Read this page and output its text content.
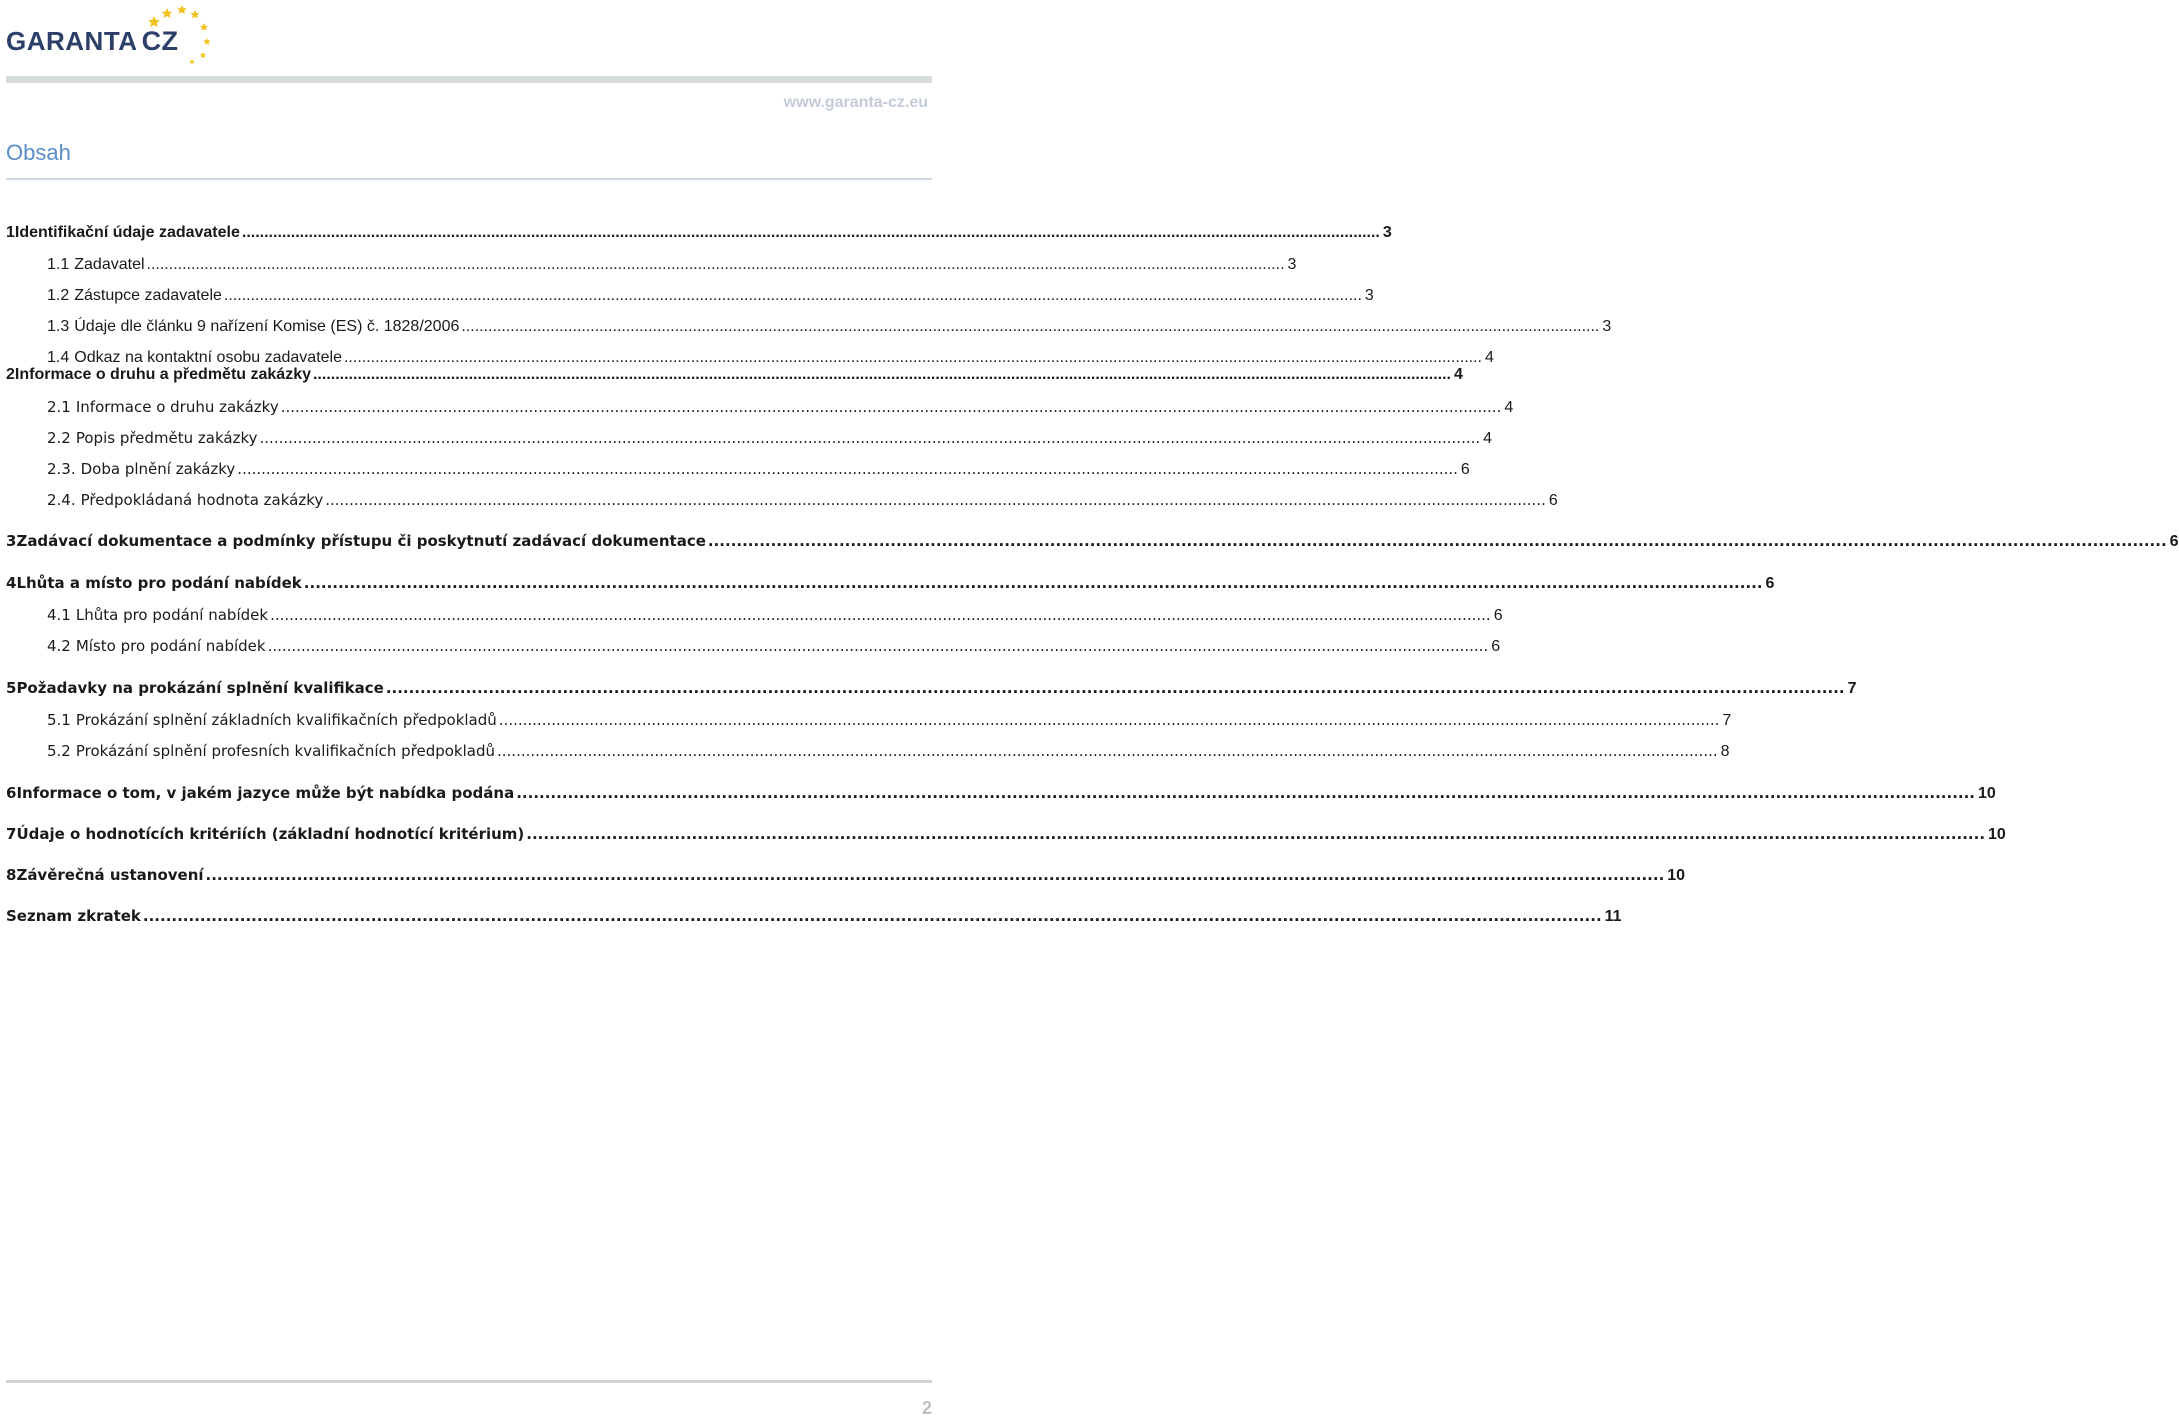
GARANTA CZ
www.garanta-cz.eu
Obsah
1 Identifikační údaje zadavatele .....	3
1.1 Zadavatel .....	3
1.2 Zástupce zadavatele .....	3
1.3 Údaje dle článku 9 nařízení Komise (ES) č. 1828/2006 .....	3
1.4 Odkaz na kontaktní osobu zadavatele .....	4
2 Informace o druhu a předmětu zakázky .....	4
2.1 Informace o druhu zakázky .....	4
2.2 Popis předmětu zakázky .....	4
2.3. Doba plnění zakázky .....	6
2.4. Předpokládaná hodnota zakázky .....	6
3 Zadávací dokumentace a podmínky přístupu či poskytnutí zadávací dokumentace .....	6
4 Lhůta a místo pro podání nabídek .....	6
4.1 Lhůta pro podání nabídek .....	6
4.2 Místo pro podání nabídek .....	6
5 Požadavky na prokázání splnění kvalifikace .....	7
5.1 Prokázání splnění základních kvalifikačních předpokladů .....	7
5.2 Prokázání splnění profesních kvalifikačních předpokladů .....	8
6 Informace o tom, v jakém jazyce může být nabídka podána .....	10
7 Údaje o hodnotících kritériích (základní hodnotící kritérium) .....	10
8 Závěrečná ustanovení .....	10
Seznam zkratek .....	11
2
